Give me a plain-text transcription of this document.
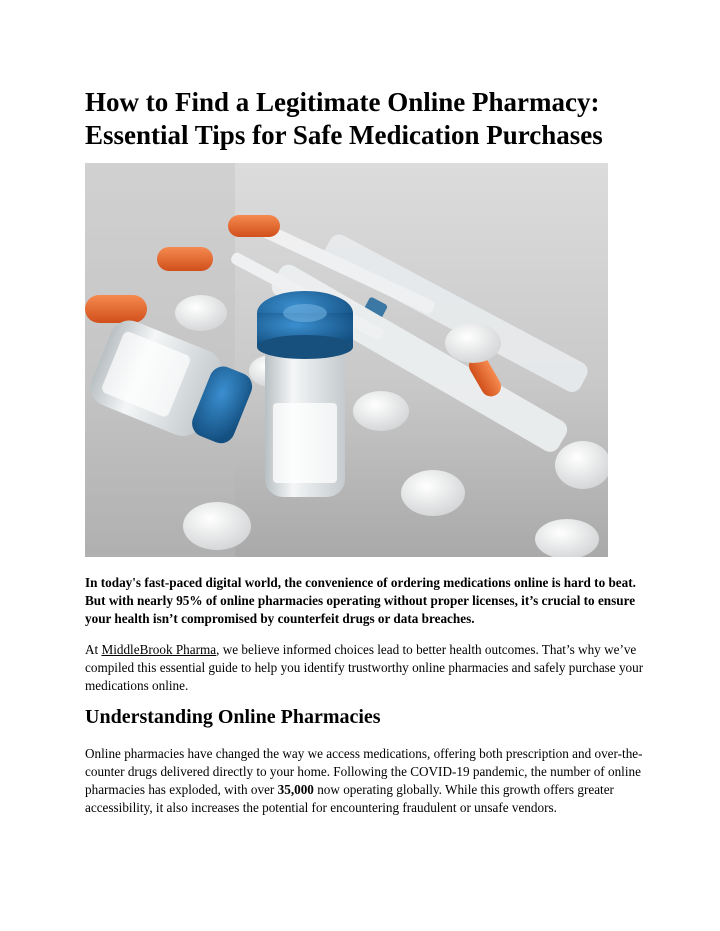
How to Find a Legitimate Online Pharmacy: Essential Tips for Safe Medication Purchases

In today's fast-paced digital world, the convenience of ordering medications online is hard to beat. But with nearly 95% of online pharmacies operating without proper licenses, it’s crucial to ensure your health isn’t compromised by counterfeit drugs or data breaches.

At MiddleBrook Pharma, we believe informed choices lead to better health outcomes. That’s why we’ve compiled this essential guide to help you identify trustworthy online pharmacies and safely purchase your medications online.

Understanding Online Pharmacies

Online pharmacies have changed the way we access medications, offering both prescription and over-the-counter drugs delivered directly to your home. Following the COVID-19 pandemic, the number of online pharmacies has exploded, with over 35,000 now operating globally. While this growth offers greater accessibility, it also increases the potential for encountering fraudulent or unsafe vendors.
